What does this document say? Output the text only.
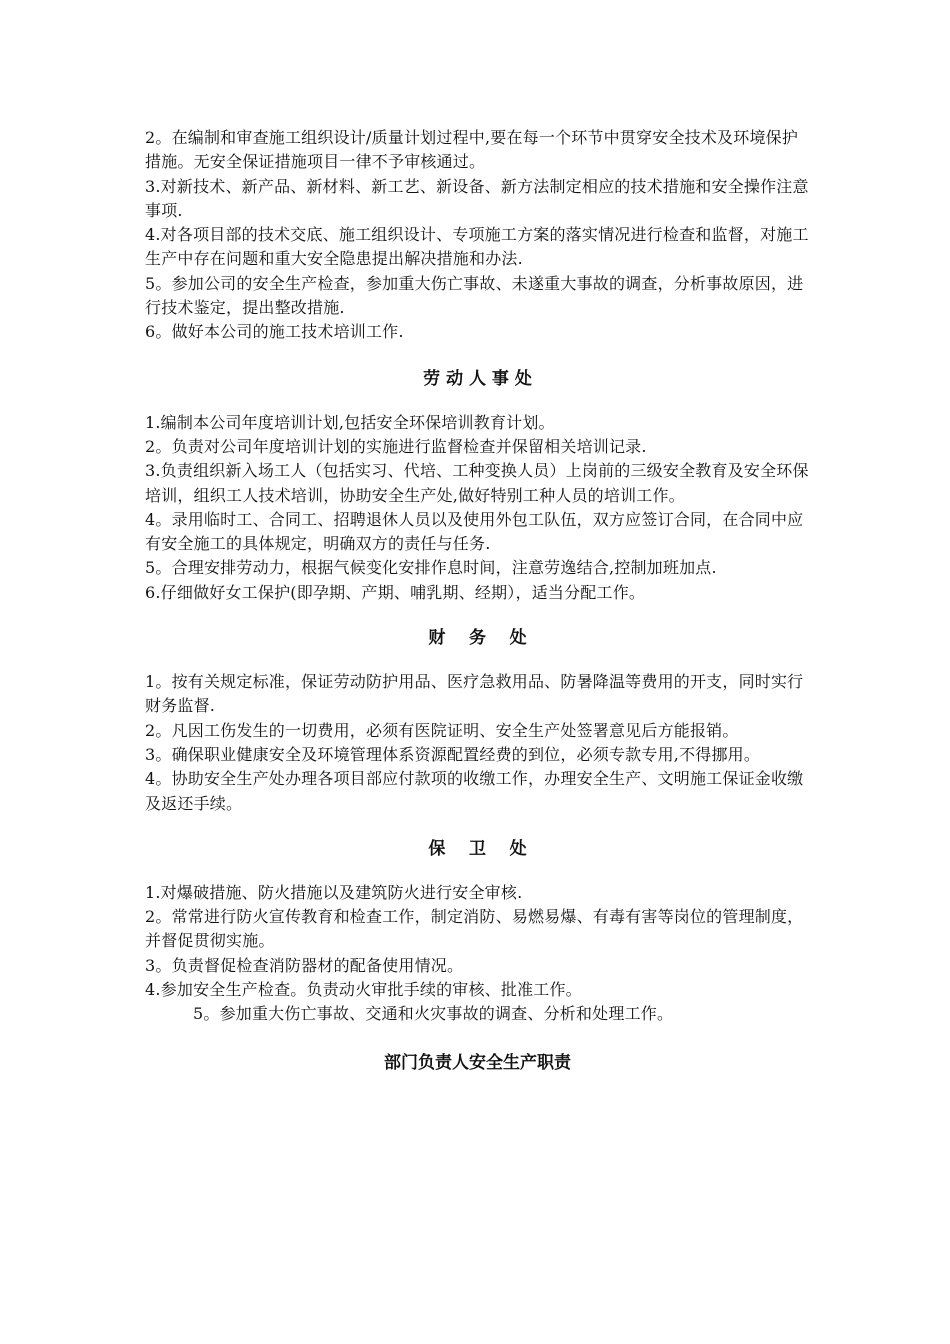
2。在编制和审查施工组织设计/质量计划过程中,要在每一个环节中贯穿安全技术及环境保护措施。无安全保证措施项目一律不予审核通过。

3.对新技术、新产品、新材料、新工艺、新设备、新方法制定相应的技术措施和安全操作注意事项.

4.对各项目部的技术交底、施工组织设计、专项施工方案的落实情况进行检查和监督，对施工生产中存在问题和重大安全隐患提出解决措施和办法.

5。参加公司的安全生产检查，参加重大伤亡事故、未遂重大事故的调查，分析事故原因，进行技术鉴定，提出整改措施.

6。做好本公司的施工技术培训工作.

劳 动 人 事 处

1.编制本公司年度培训计划,包括安全环保培训教育计划。

2。负责对公司年度培训计划的实施进行监督检查并保留相关培训记录.

3.负责组织新入场工人（包括实习、代培、工种变换人员）上岗前的三级安全教育及安全环保培训，组织工人技术培训，协助安全生产处,做好特别工种人员的培训工作。

4。录用临时工、合同工、招聘退休人员以及使用外包工队伍，双方应签订合同，在合同中应有安全施工的具体规定，明确双方的责任与任务.

5。合理安排劳动力，根据气候变化安排作息时间，注意劳逸结合,控制加班加点.

6.仔细做好女工保护(即孕期、产期、哺乳期、经期），适当分配工作。

财    务    处

1。按有关规定标准，保证劳动防护用品、医疗急救用品、防暑降温等费用的开支，同时实行财务监督.

2。凡因工伤发生的一切费用，必须有医院证明、安全生产处签署意见后方能报销。

3。确保职业健康安全及环境管理体系资源配置经费的到位，必须专款专用,不得挪用。

4。协助安全生产处办理各项目部应付款项的收缴工作，办理安全生产、文明施工保证金收缴及返还手续。

保    卫    处

1.对爆破措施、防火措施以及建筑防火进行安全审核.

2。常常进行防火宣传教育和检查工作，制定消防、易燃易爆、有毒有害等岗位的管理制度，并督促贯彻实施。

3。负责督促检查消防器材的配备使用情况。

4.参加安全生产检查。负责动火审批手续的审核、批准工作。

5。参加重大伤亡事故、交通和火灾事故的调查、分析和处理工作。

部门负责人安全生产职责
